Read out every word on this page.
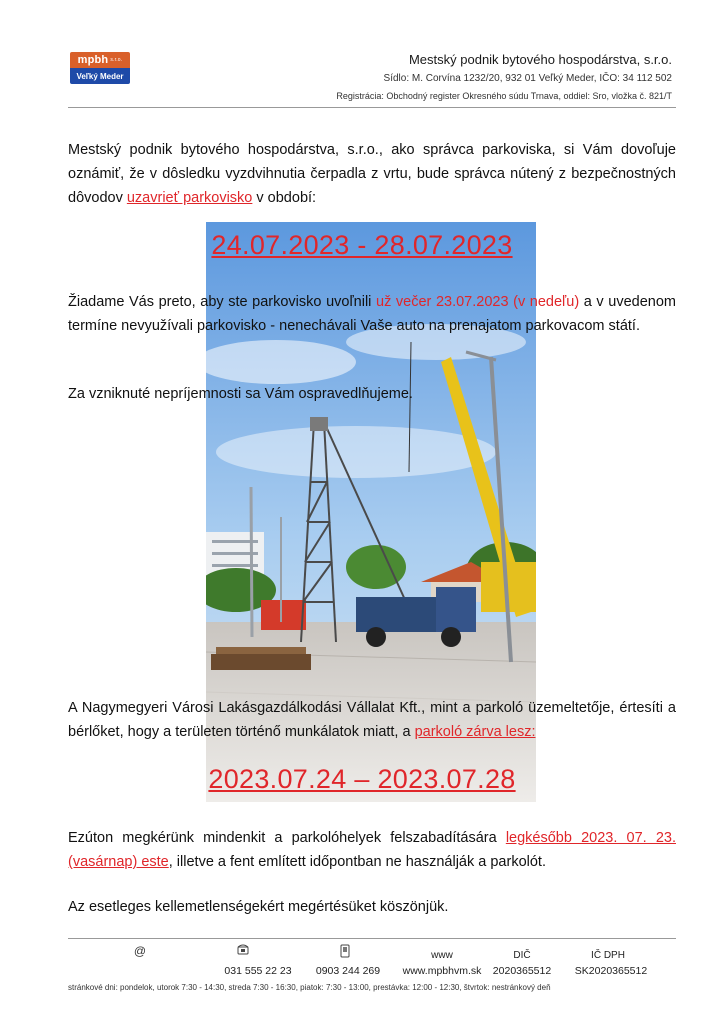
mpbh s.r.o.
Veľký Meder
Mestský podnik bytového hospodárstva, s.r.o.
Sídlo: M. Corvína 1232/20, 932 01 Veľký Meder, IČO: 34 112 502
Registrácia: Obchodný register Okresného súdu Trnava, oddiel: Sro, vložka č. 821/T
Mestský podnik bytového hospodárstva, s.r.o., ako správca parkoviska, si Vám dovoľuje oznámiť, že v dôsledku vyzdvihnutia čerpadla z vrtu, bude správca nútený z bezpečnostných dôvodov uzavrieť parkovisko v období:
24.07.2023 - 28.07.2023
Žiadame Vás preto, aby ste parkovisko uvoľnili už večer 23.07.2023 (v nedeľu) a v uvedenom termíne nevyužívali parkovisko - nenechávali Vaše auto na prenajatom parkovacom státí.
Za vzniknuté nepríjemnosti sa Vám ospravedlňujeme.
A Nagymegyeri Városi Lakásgazdálkodási Vállalat Kft., mint a parkoló üzemeltetője, értesíti a bérlőket, hogy a területen történő munkálatok miatt, a parkoló zárva lesz:
2023.07.24 – 2023.07.28
Ezúton megkérünk mindenkit a parkolóhelyek felszabadítására legkésőbb 2023. 07. 23. (vasárnap) este, illetve a fent említett időpontban ne használják a parkolót.
Az esetleges kellemetlenségekért megértésüket köszönjük.
@	www	DIČ	IČ DPH
031 555 22 23	0903 244 269	www.mpbhvm.sk	2020365512	SK2020365512
stránkové dni: pondelok, utorok 7:30 - 14:30, streda 7:30 - 16:30, piatok: 7:30 - 13:00, prestávka: 12:00 - 12:30, štvrtok: nestránkový deň
